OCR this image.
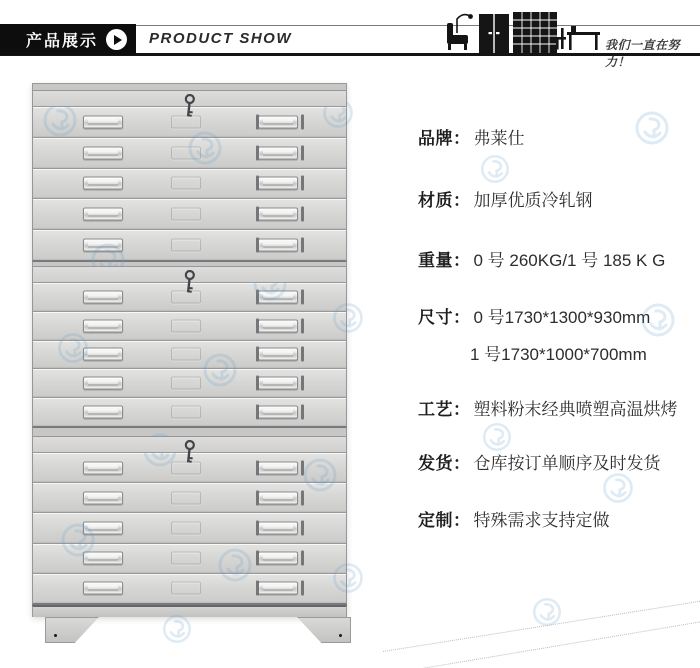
产品展示	PRODUCT SHOW	我们一直在努力！
品牌： 弗莱仕
材质： 加厚优质冷轧钢
重量： 0 号 260KG/1 号 185 K G
尺寸： 0 号1730*1300*930mm
1 号1730*1000*700mm
工艺： 塑料粉末经典喷塑高温烘烤
发货： 仓库按订单顺序及时发货
定制： 特殊需求支持定做
